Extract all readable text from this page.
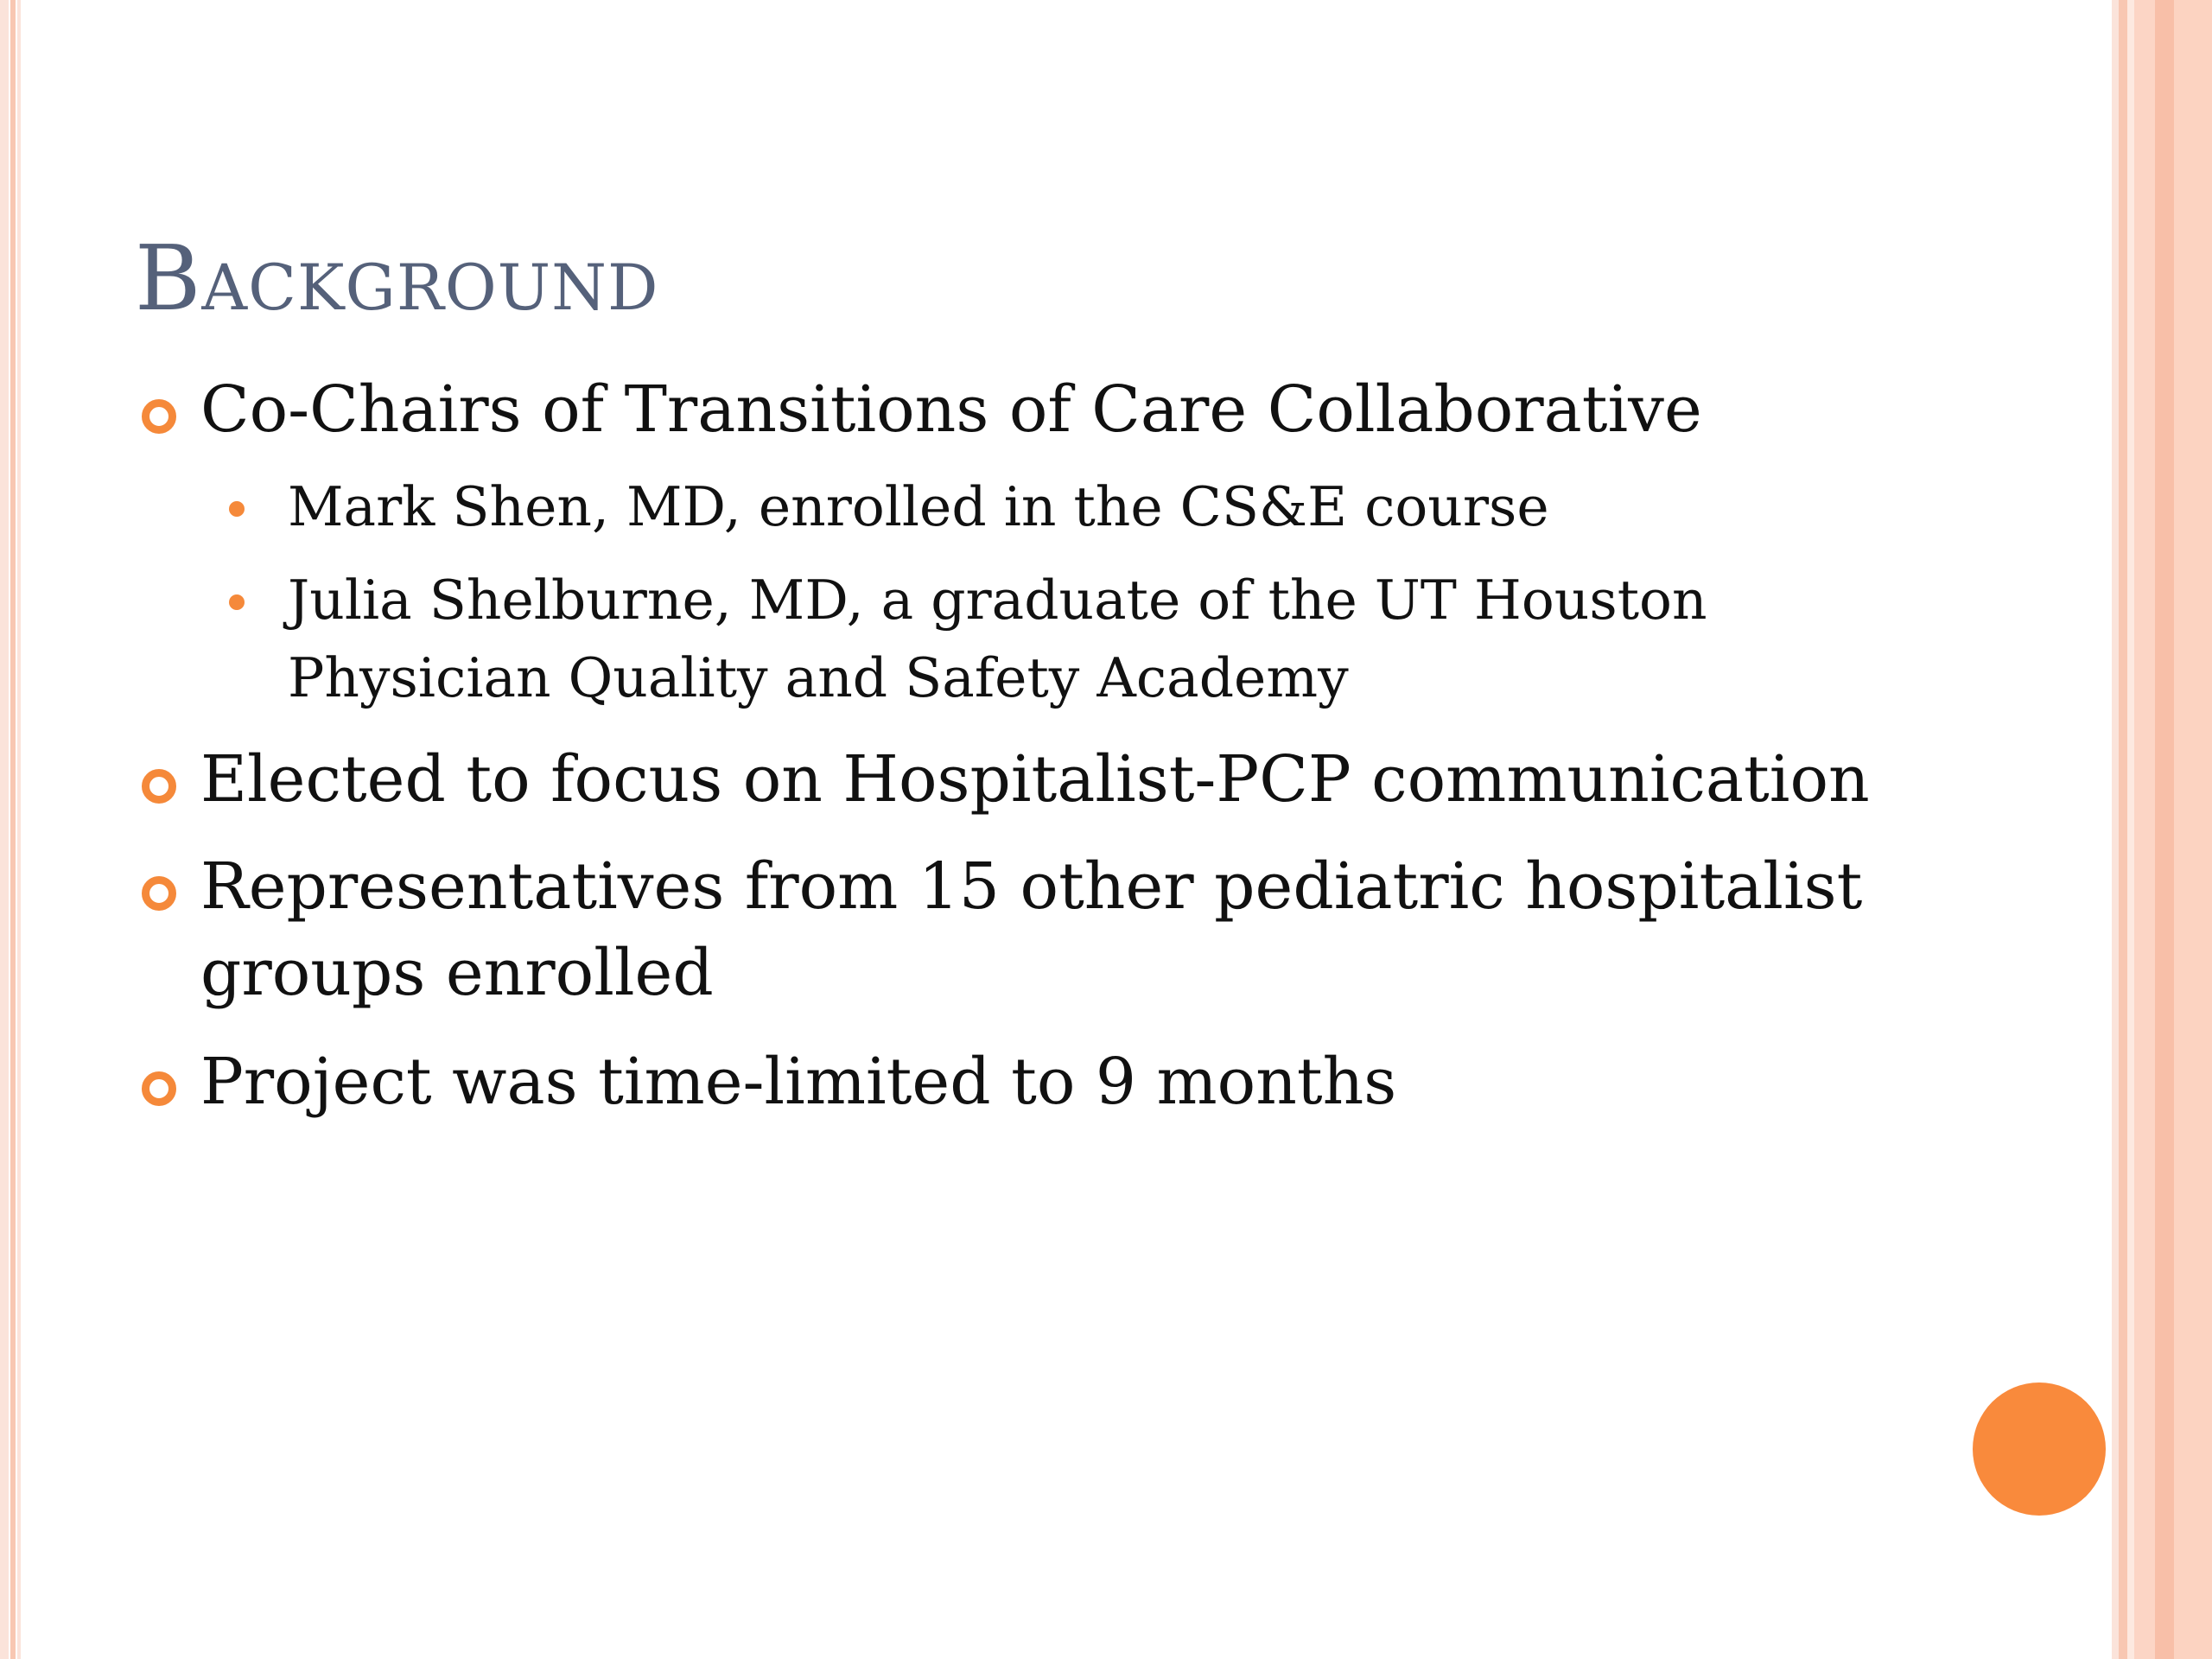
Background
Co-Chairs of Transitions of Care Collaborative
Mark Shen, MD, enrolled in the CS&E course
Julia Shelburne, MD, a graduate of the UT Houston
Physician Quality and Safety Academy
Elected to focus on Hospitalist-PCP communication
Representatives from 15 other pediatric hospitalist
groups enrolled
Project was time-limited to 9 months
